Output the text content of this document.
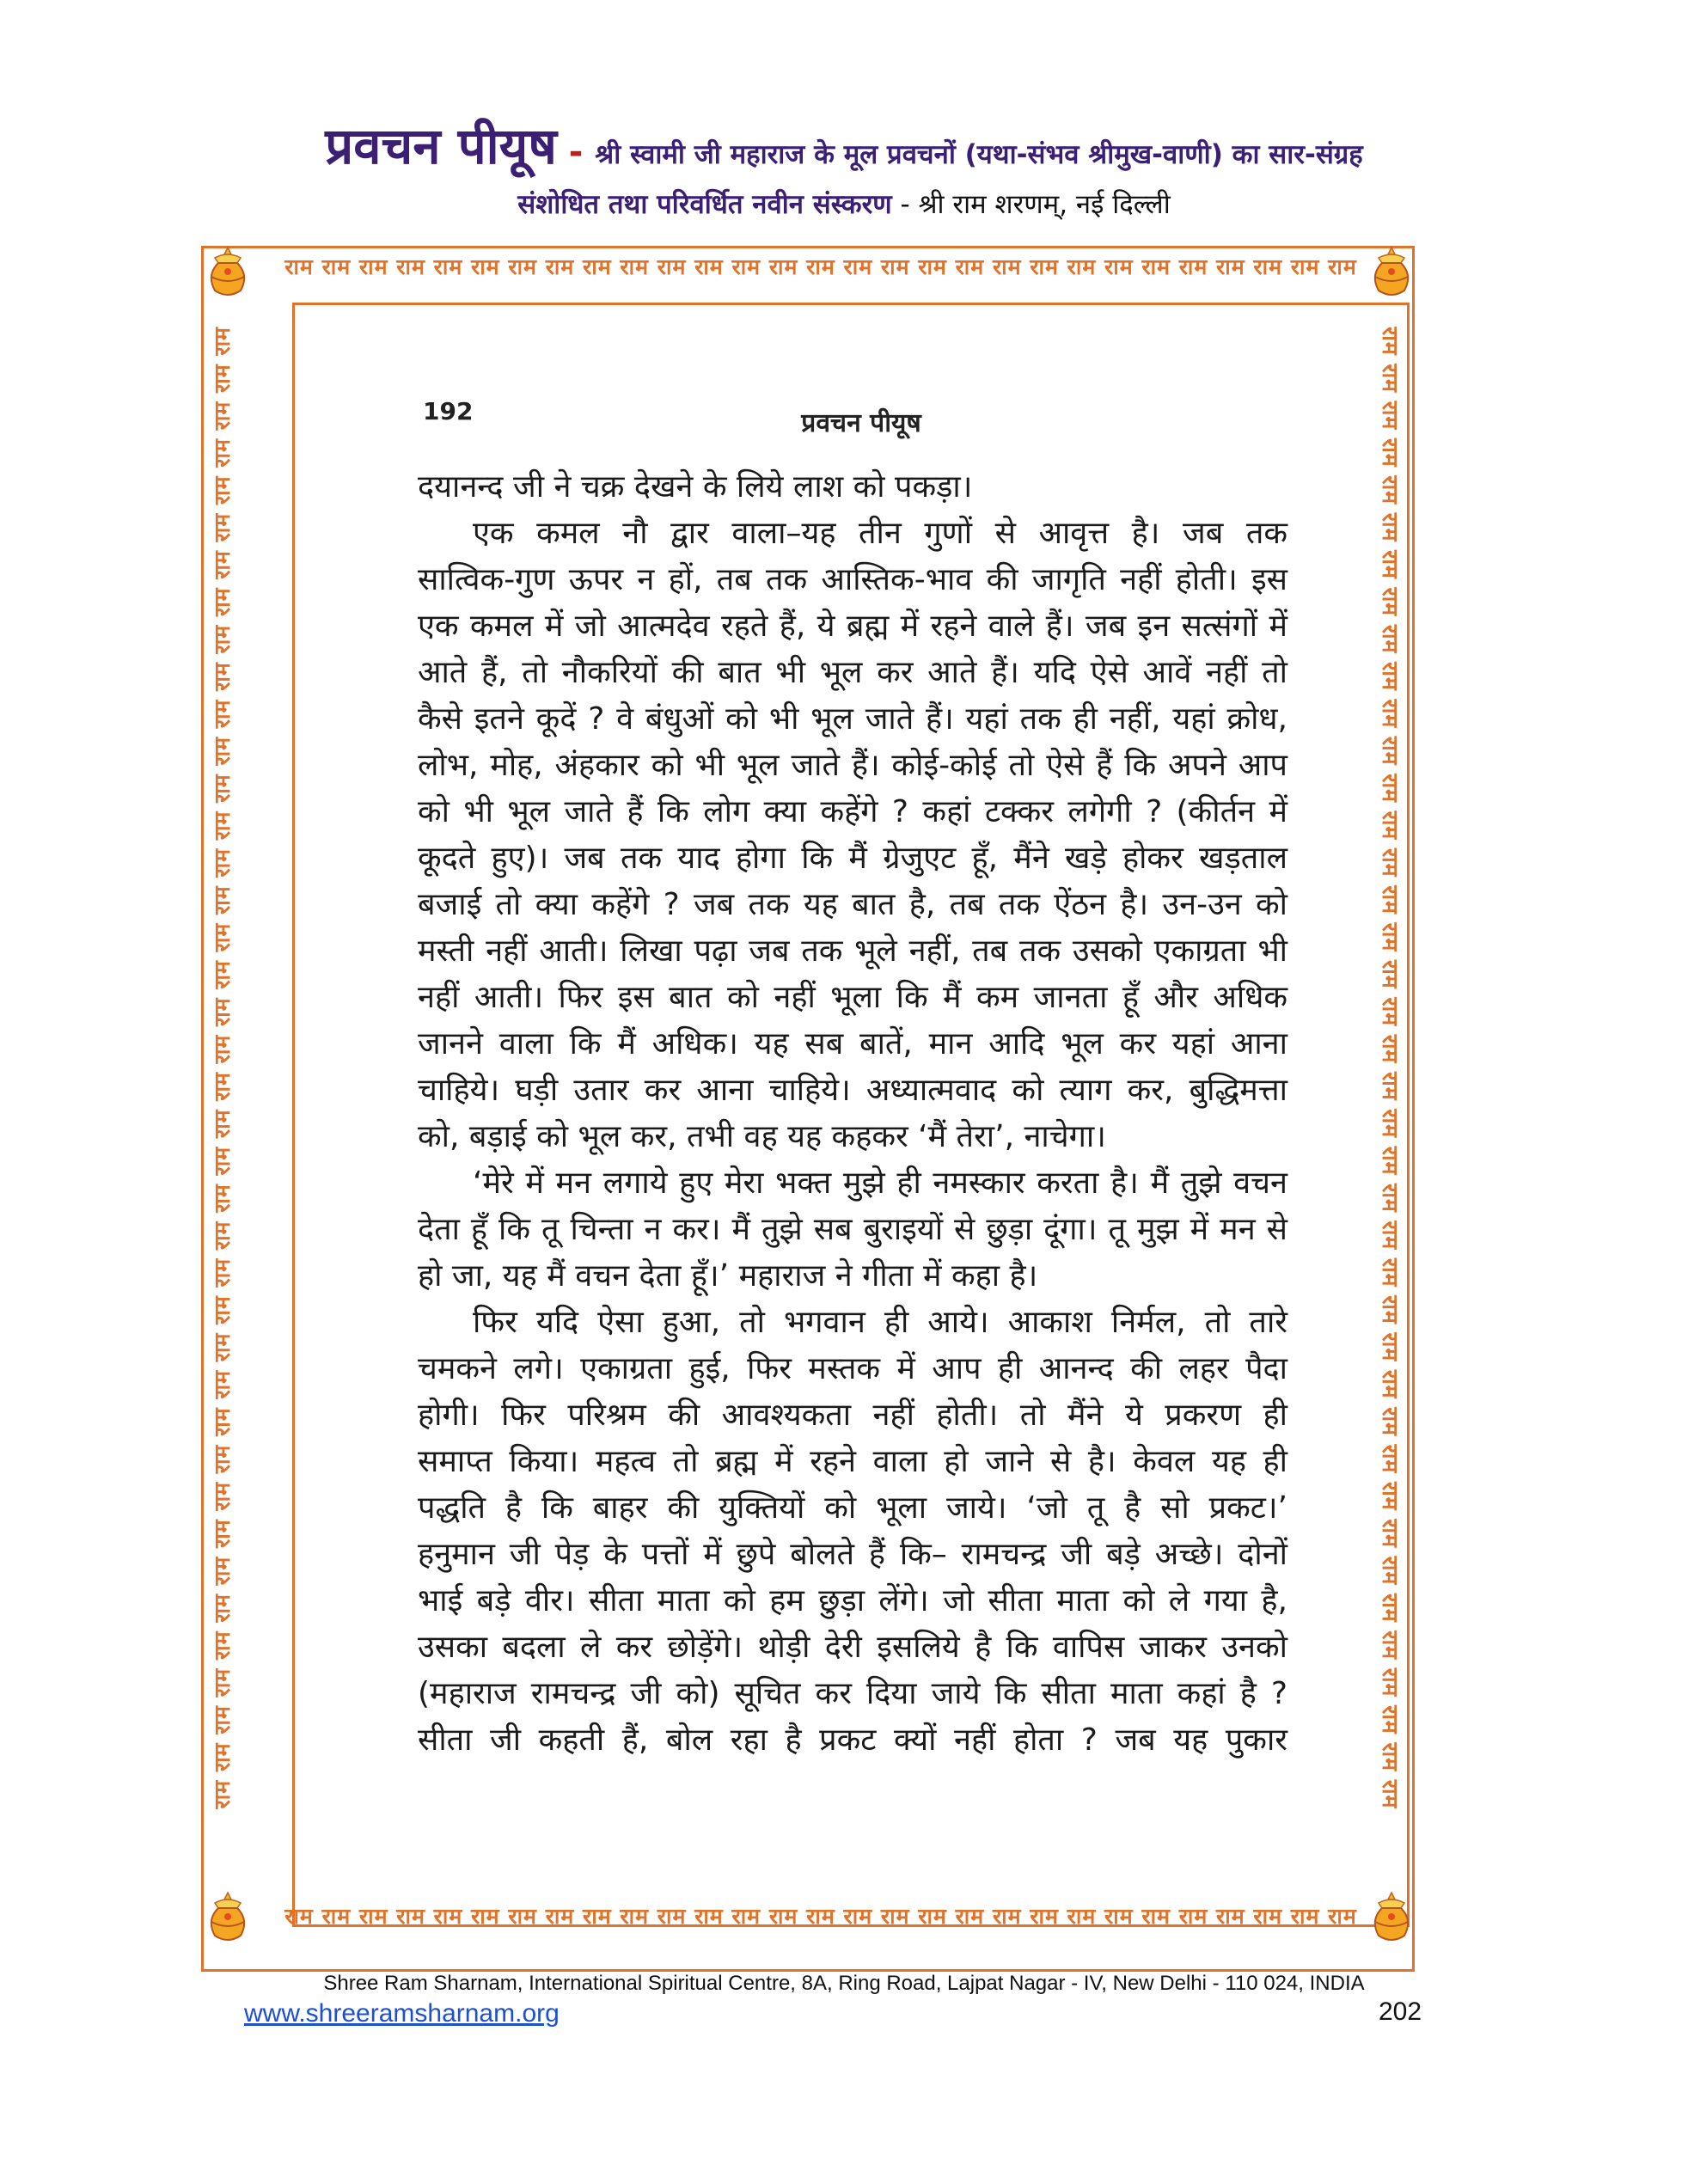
प्रवचन पीयूष - श्री स्वामी जी महाराज के मूल प्रवचनों (यथा-संभव श्रीमुख-वाणी) का सार-संग्रह
संशोधित तथा परिवर्धित नवीन संस्करण - श्री राम शरणम्, नई दिल्ली
राम राम राम राम राम राम राम राम राम राम राम राम राम राम राम राम राम राम राम राम राम राम राम राम राम राम राम राम राम
राम राम राम राम राम राम राम राम राम राम राम राम राम राम राम राम राम राम राम राम राम राम राम राम राम राम राम राम राम
राम राम राम राम राम राम राम राम राम राम राम राम राम राम राम राम राम राम राम राम राम राम राम राम राम राम राम राम राम राम राम राम राम राम राम राम राम राम राम राम	राम राम राम राम राम राम राम राम राम राम राम राम राम राम राम राम राम राम राम राम राम राम राम राम राम राम राम राम राम राम राम राम राम राम राम राम राम राम राम राम
192	प्रवचन पीयूष
दयानन्द जी ने चक्र देखने के लिये लाश को पकड़ा।
एक कमल नौ द्वार वाला–यह तीन गुणों से आवृत्त है। जब तक
सात्विक-गुण ऊपर न हों, तब तक आस्तिक-भाव की जागृति नहीं होती। इस
एक कमल में जो आत्मदेव रहते हैं, ये ब्रह्म में रहने वाले हैं। जब इन सत्संगों में
आते हैं, तो नौकरियों की बात भी भूल कर आते हैं। यदि ऐसे आवें नहीं तो
कैसे इतने कूदें ? वे बंधुओं को भी भूल जाते हैं। यहां तक ही नहीं, यहां क्रोध,
लोभ, मोह, अंहकार को भी भूल जाते हैं। कोई-कोई तो ऐसे हैं कि अपने आप
को भी भूल जाते हैं कि लोग क्या कहेंगे ? कहां टक्कर लगेगी ? (कीर्तन में
कूदते हुए)। जब तक याद होगा कि मैं ग्रेजुएट हूँ, मैंने खड़े होकर खड़ताल
बजाई तो क्या कहेंगे ? जब तक यह बात है, तब तक ऐंठन है। उन-उन को
मस्ती नहीं आती। लिखा पढ़ा जब तक भूले नहीं, तब तक उसको एकाग्रता भी
नहीं आती। फिर इस बात को नहीं भूला कि मैं कम जानता हूँ और अधिक
जानने वाला कि मैं अधिक। यह सब बातें, मान आदि भूल कर यहां आना
चाहिये। घड़ी उतार कर आना चाहिये। अध्यात्मवाद को त्याग कर, बुद्धिमत्ता
को, बड़ाई को भूल कर, तभी वह यह कहकर ‘मैं तेरा’, नाचेगा।
‘मेरे में मन लगाये हुए मेरा भक्त मुझे ही नमस्कार करता है। मैं तुझे वचन
देता हूँ कि तू चिन्ता न कर। मैं तुझे सब बुराइयों से छुड़ा दूंगा। तू मुझ में मन से
हो जा, यह मैं वचन देता हूँ।’ महाराज ने गीता में कहा है।
फिर यदि ऐसा हुआ, तो भगवान ही आये। आकाश निर्मल, तो तारे
चमकने लगे। एकाग्रता हुई, फिर मस्तक में आप ही आनन्द की लहर पैदा
होगी। फिर परिश्रम की आवश्यकता नहीं होती। तो मैंने ये प्रकरण ही
समाप्त किया। महत्व तो ब्रह्म में रहने वाला हो जाने से है। केवल यह ही
पद्धति है कि बाहर की युक्तियों को भूला जाये। ‘जो तू है सो प्रकट।’
हनुमान जी पेड़ के पत्तों में छुपे बोलते हैं कि– रामचन्द्र जी बड़े अच्छे। दोनों
भाई बड़े वीर। सीता माता को हम छुड़ा लेंगे। जो सीता माता को ले गया है,
उसका बदला ले कर छोड़ेंगे। थोड़ी देरी इसलिये है कि वापिस जाकर उनको
(महाराज रामचन्द्र जी को) सूचित कर दिया जाये कि सीता माता कहां है ?
सीता जी कहती हैं, बोल रहा है प्रकट क्यों नहीं होता ? जब यह पुकार
Shree Ram Sharnam, International Spiritual Centre, 8A, Ring Road, Lajpat Nagar - IV, New Delhi - 110 024, INDIA
www.shreeramsharnam.org	202
